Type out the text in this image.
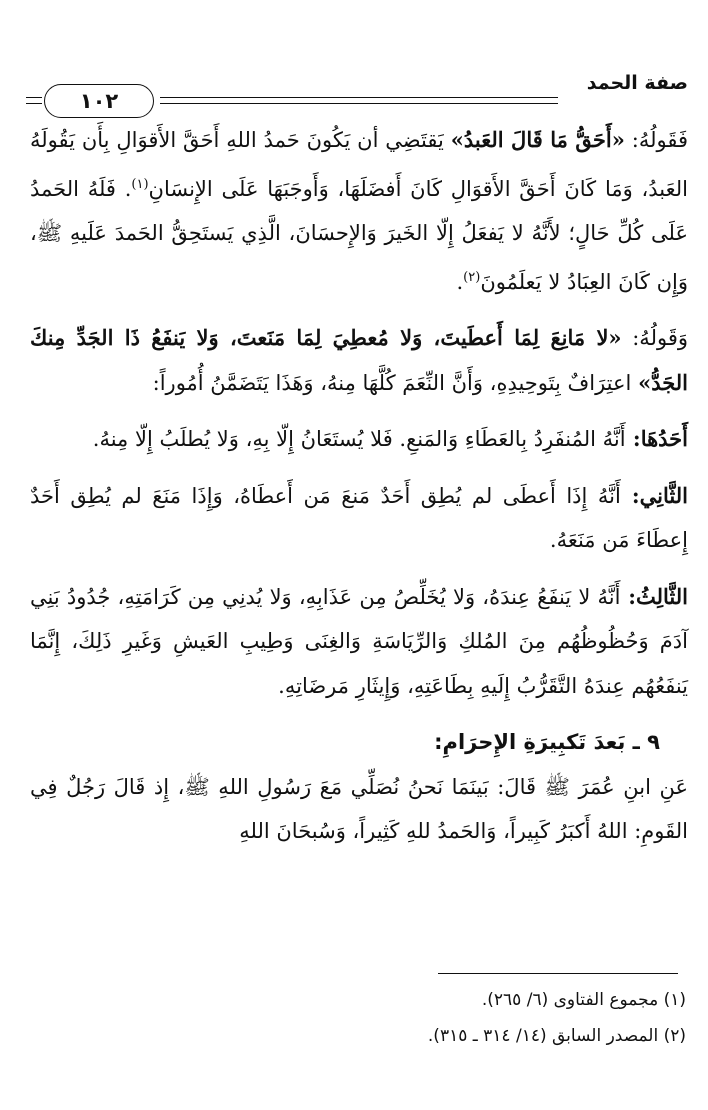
صفة الحمد
١٠٢

فَقَولُهُ: «أَحَقُّ مَا قَالَ العَبدُ» يَقتَضِي أن يَكُونَ حَمدُ اللهِ أَحَقَّ الأَقوَالِ بِأَن يَقُولَهُ العَبدُ، وَمَا كَانَ أَحَقَّ الأَقوَالِ كَانَ أَفضَلَهَا، وَأَوجَبَهَا عَلَى الإِنسَانِ$^{(١)}$. فَلَهُ الحَمدُ عَلَى كُلِّ حَالٍ؛ لأَنَّهُ لا يَفعَلُ إِلّا الخَيرَ وَالإِحسَانَ، الَّذِي يَستَحِقُّ الحَمدَ عَلَيهِ ﷺ، وَإِن كَانَ العِبَادُ لا يَعلَمُونَ$^{(٢)}$.

وَقَولُهُ: «لا مَانِعَ لِمَا أَعطَيتَ، وَلا مُعطِيَ لِمَا مَنَعتَ، وَلا يَنفَعُ ذَا الجَدِّ مِنكَ الجَدُّ» اعتِرَافٌ بِتَوحِيدِهِ، وَأَنَّ النِّعَمَ كُلَّهَا مِنهُ، وَهَذَا يَتَضَمَّنُ أُمُوراً:

أَحَدُهَا: أَنَّهُ المُنفَرِدُ بِالعَطَاءِ وَالمَنعِ. فَلا يُستَعَانُ إِلّا بِهِ، وَلا يُطلَبُ إِلّا مِنهُ.

الثَّانِي: أَنَّهُ إِذَا أَعطَى لم يُطِق أَحَدٌ مَنعَ مَن أَعطَاهُ، وَإِذَا مَنَعَ لم يُطِق أَحَدٌ إِعطَاءَ مَن مَنَعَهُ.

الثَّالِثُ: أَنَّهُ لا يَنفَعُ عِندَهُ، وَلا يُخَلِّصُ مِن عَذَابِهِ، وَلا يُدنِي مِن كَرَامَتِهِ، جُدُودُ بَنِي آدَمَ وَحُظُوظُهُم مِنَ المُلكِ وَالرِّيَاسَةِ وَالغِنَى وَطِيبِ العَيشِ وَغَيرِ ذَلِكَ، إِنَّمَا يَنفَعُهُم عِندَهُ التَّقَرُّبُ إِلَيهِ بِطَاعَتِهِ، وَإِيثَارِ مَرضَاتِهِ.

٩ ـ بَعدَ تَكبِيرَةِ الإِحرَامِ:

عَنِ ابنِ عُمَرَ ﷺ قَالَ: بَينَمَا نَحنُ نُصَلِّي مَعَ رَسُولِ اللهِ ﷺ، إِذ قَالَ رَجُلٌ فِي القَومِ: اللهُ أَكبَرُ كَبِيراً، وَالحَمدُ للهِ كَثِيراً، وَسُبحَانَ اللهِ

(١) مجموع الفتاوى (٦/ ٢٦٥).
(٢) المصدر السابق (١٤/ ٣١٤ ـ ٣١٥).
